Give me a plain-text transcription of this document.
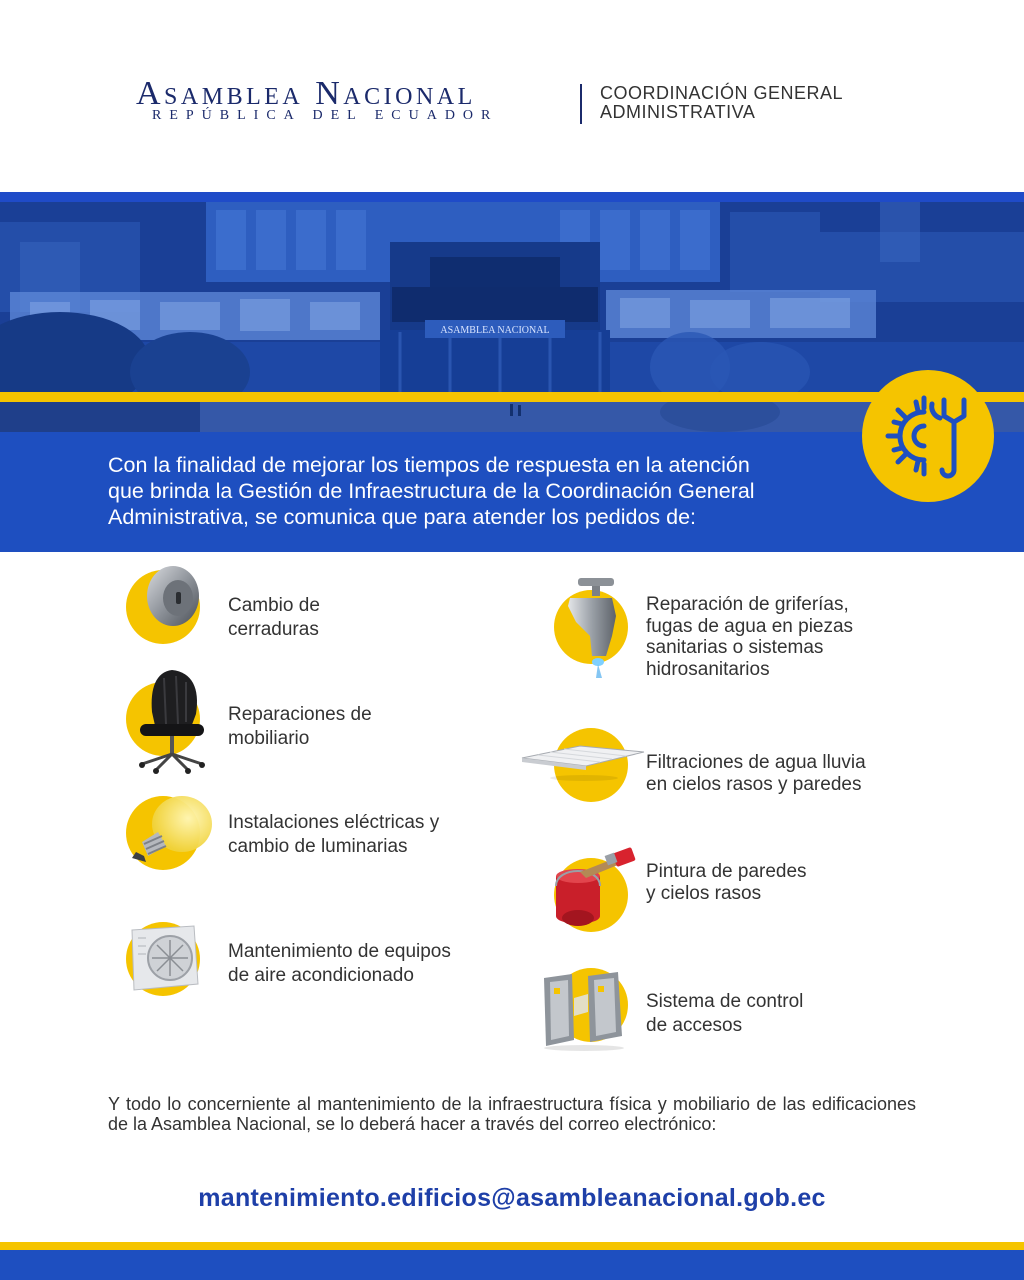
Asamblea Nacional
REPÚBLICA DEL ECUADOR
COORDINACIÓN GENERAL
ADMINISTRATIVA
ASAMBLEA NACIONAL
Con la finalidad de mejorar los tiempos de respuesta en la atención
que brinda la Gestión de Infraestructura de la Coordinación General
Administrativa, se comunica que para atender los pedidos de:
Cambio de
cerraduras
Reparaciones de
mobiliario
Instalaciones eléctricas y
cambio de luminarias
Mantenimiento de equipos
de aire acondicionado
Reparación de griferías,
fugas de agua en piezas
sanitarias o sistemas
hidrosanitarios
Filtraciones de agua lluvia
en cielos rasos y paredes
Pintura de paredes
y cielos rasos
Sistema de control
de accesos
Y todo lo concerniente al mantenimiento de la infraestructura física y mobiliario de las edificaciones de la Asamblea Nacional, se lo deberá hacer a través del correo electrónico:
mantenimiento.edificios@asambleanacional.gob.ec
